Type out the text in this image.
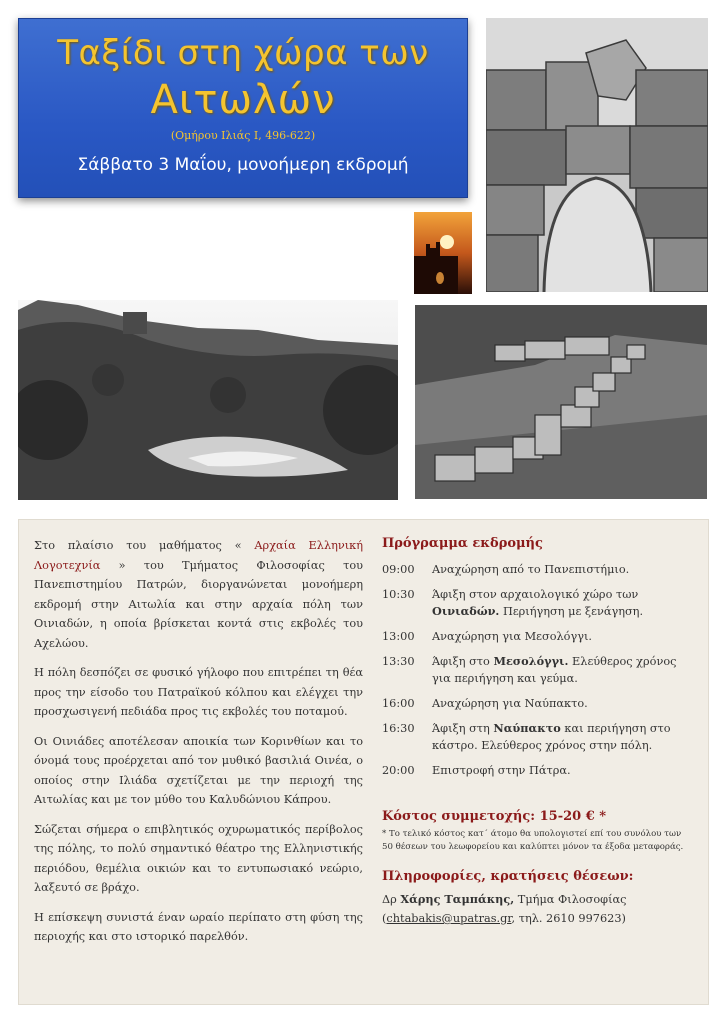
Ταξίδι στη χώρα των
Αιτωλών
(Ομήρου Ιλιάς Ι, 496-622)
Σάββατο 3 Μαΐου, μονοήμερη εκδρομή

Στο πλαίσιο του μαθήματος « Αρχαία Ελληνική Λογοτεχνία » του Τμήματος Φιλοσοφίας του Πανεπιστημίου Πατρών, διοργανώνεται μονοήμερη εκδρομή στην Αιτωλία και στην αρχαία πόλη των Οινιαδών, η οποία βρίσκεται κοντά στις εκβολές του Αχελώου.

Η πόλη δεσπόζει σε φυσικό γήλοφο που επιτρέπει τη θέα προς την είσοδο του Πατραϊκού κόλπου και ελέγχει την προσχωσιγενή πεδιάδα προς τις εκβολές του ποταμού.

Οι Οινιάδες αποτέλεσαν αποικία των Κορινθίων και το όνομά τους προέρχεται από τον μυθικό βασιλιά Οινέα, ο οποίος στην Ιλιάδα σχετίζεται με την περιοχή της Αιτωλίας και με τον μύθο του Καλυδώνιου Κάπρου.

Σώζεται σήμερα ο επιβλητικός οχυρωματικός περίβολος της πόλης, το πολύ σημαντικό θέατρο της Ελληνιστικής περιόδου, θεμέλια οικιών και το εντυπωσιακό νεώριο, λαξευτό σε βράχο.

Η επίσκεψη συνιστά έναν ωραίο περίπατο στη φύση της περιοχής και στο ιστορικό παρελθόν.

Πρόγραμμα εκδρομής
09:00	Αναχώρηση από το Πανεπιστήμιο.
10:30	Άφιξη στον αρχαιολογικό χώρο των Οινιαδών. Περιήγηση με ξενάγηση.
13:00	Αναχώρηση για Μεσολόγγι.
13:30	Άφιξη στο Μεσολόγγι. Ελεύθερος χρόνος για περιήγηση και γεύμα.
16:00	Αναχώρηση για Ναύπακτο.
16:30	Άφιξη στη Ναύπακτο και περιήγηση στο κάστρο. Ελεύθερος χρόνος στην πόλη.
20:00	Επιστροφή στην Πάτρα.
Κόστος συμμετοχής: 15-20 € *
* Το τελικό κόστος κατ΄ άτομο θα υπολογιστεί επί του συνόλου των 50 θέσεων του λεωφορείου και καλύπτει μόνον τα έξοδα μεταφοράς.
Πληροφορίες, κρατήσεις θέσεων:
Δρ Χάρης Ταμπάκης, Τμήμα Φιλοσοφίας
(chtabakis@upatras.gr, τηλ. 2610 997623)
